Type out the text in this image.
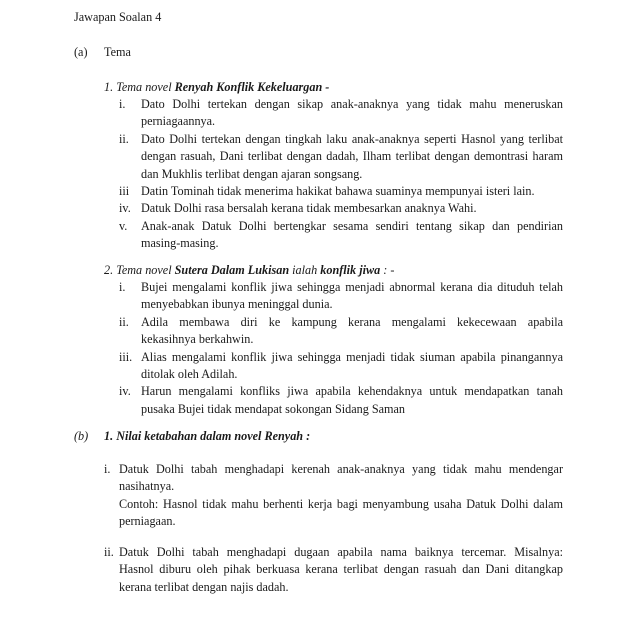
Jawapan Soalan 4
(a) Tema
1. Tema novel Renyah Konflik Kekeluargan -
i. Dato Dolhi tertekan dengan sikap anak-anaknya yang tidak mahu meneruskan
perniagaannya.
ii. Dato Dolhi tertekan dengan tingkah laku anak-anaknya seperti Hasnol yang terlibat
dengan rasuah, Dani terlibat dengan dadah, Ilham terlibat dengan demontrasi haram
dan Mukhlis terlibat dengan ajaran songsang.
iii Datin Tominah tidak menerima hakikat bahawa suaminya mempunyai isteri lain.
iv. Datuk Dolhi rasa bersalah kerana tidak membesarkan anaknya Wahi.
v. Anak-anak Datuk Dolhi bertengkar sesama sendiri tentang sikap dan pendirian
masing-masing.
2. Tema novel Sutera Dalam Lukisan ialah konflik jiwa : -
i. Bujei mengalami konflik jiwa sehingga menjadi abnormal kerana dia dituduh telah
menyebabkan ibunya meninggal dunia.
ii. Adila membawa diri ke kampung kerana mengalami kekecewaan apabila
kekasihnya berkahwin.
iii. Alias mengalami konflik jiwa sehingga menjadi tidak siuman apabila pinangannya
ditolak oleh Adilah.
iv. Harun mengalami konfliks jiwa apabila kehendaknya untuk mendapatkan tanah
pusaka Bujei tidak mendapat sokongan Sidang Saman
(b) 1. Nilai ketabahan dalam novel Renyah :
i. Datuk Dolhi tabah menghadapi kerenah anak-anaknya yang tidak mahu mendengar
nasihatnya.
Contoh: Hasnol tidak mahu berhenti kerja bagi menyambung usaha Datuk Dolhi dalam
perniagaan.
ii. Datuk Dolhi tabah menghadapi dugaan apabila nama baiknya tercemar. Misalnya:
Hasnol diburu oleh pihak berkuasa kerana terlibat dengan rasuah dan Dani ditangkap
kerana terlibat dengan najis dadah.
